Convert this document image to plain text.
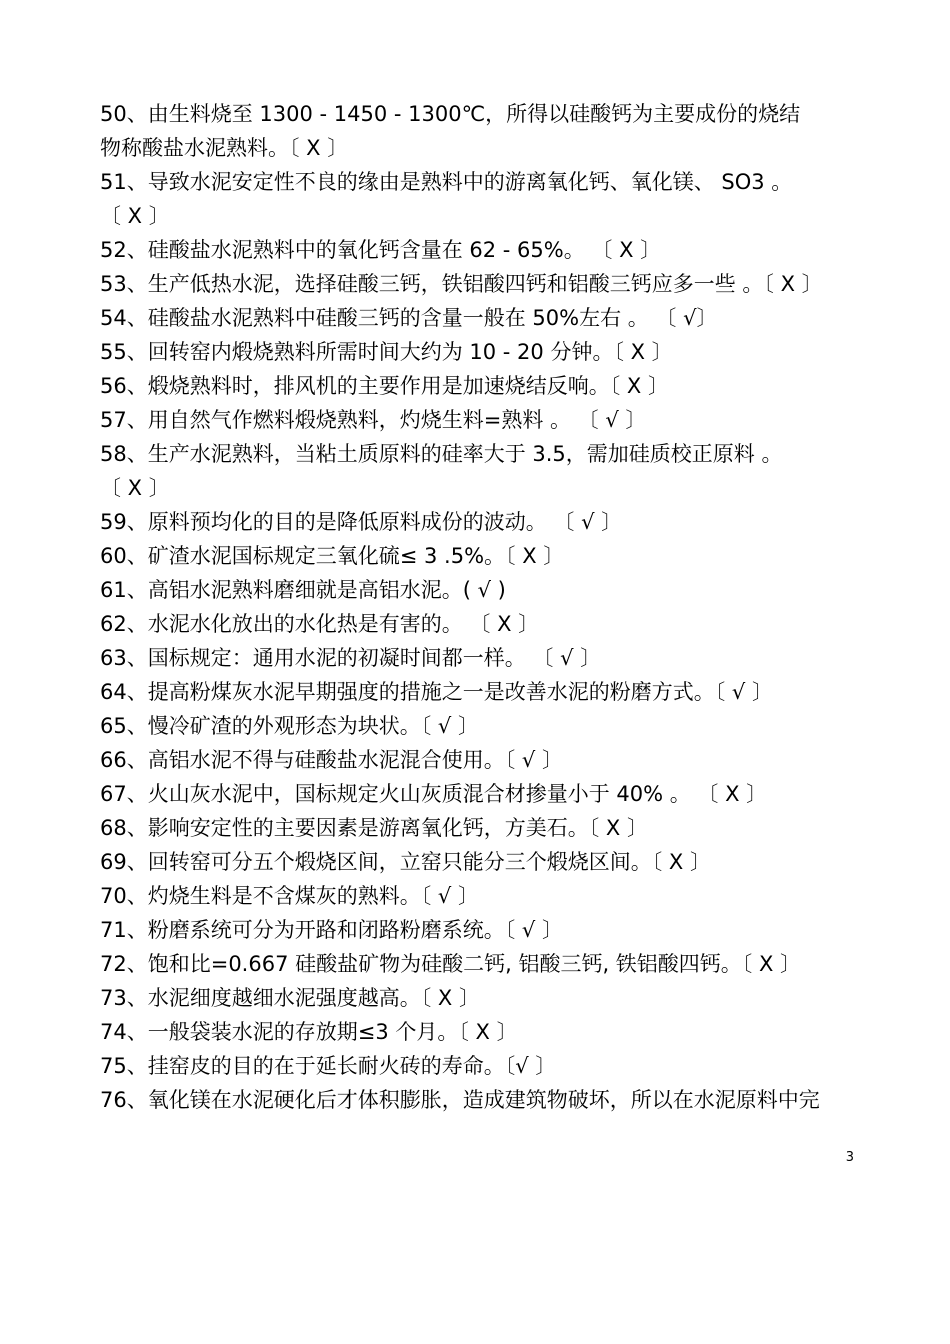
50、由生料烧至 1300 - 1450 - 1300℃，所得以硅酸钙为主要成份的烧结
物称酸盐水泥熟料。〔 X 〕
51、导致水泥安定性不良的缘由是熟料中的游离氧化钙、氧化镁、 SO3 。
〔 X 〕
52、硅酸盐水泥熟料中的氧化钙含量在 62 - 65%。 〔 X 〕
53、生产低热水泥，选择硅酸三钙，铁铝酸四钙和铝酸三钙应多一些 。〔 X 〕
54、硅酸盐水泥熟料中硅酸三钙的含量一般在 50%左右 。 〔 √〕
55、回转窑内煅烧熟料所需时间大约为 10 - 20 分钟。〔 X 〕
56、煅烧熟料时，排风机的主要作用是加速烧结反响。〔 X 〕
57、用自然气作燃料煅烧熟料，灼烧生料=熟料 。 〔 √ 〕
58、生产水泥熟料，当粘土质原料的硅率大于 3.5，需加硅质校正原料 。
〔 X 〕
59、原料预均化的目的是降低原料成份的波动。 〔 √ 〕
60、矿渣水泥国标规定三氧化硫≤ 3 .5%。〔 X 〕
61、高铝水泥熟料磨细就是高铝水泥。( √ )
62、水泥水化放出的水化热是有害的。 〔 X 〕
63、国标规定：通用水泥的初凝时间都一样。 〔 √ 〕
64、提高粉煤灰水泥早期强度的措施之一是改善水泥的粉磨方式。〔 √ 〕
65、慢冷矿渣的外观形态为块状。〔 √ 〕
66、高铝水泥不得与硅酸盐水泥混合使用。〔 √ 〕
67、火山灰水泥中，国标规定火山灰质混合材掺量小于 40% 。 〔 X 〕
68、影响安定性的主要因素是游离氧化钙，方美石。〔 X 〕
69、回转窑可分五个煅烧区间，立窑只能分三个煅烧区间。〔 X 〕
70、灼烧生料是不含煤灰的熟料。〔 √ 〕
71、粉磨系统可分为开路和闭路粉磨系统。〔 √ 〕
72、饱和比=0.667 硅酸盐矿物为硅酸二钙, 铝酸三钙, 铁铝酸四钙。〔 X 〕
73、水泥细度越细水泥强度越高。〔 X 〕
74、一般袋装水泥的存放期≤3 个月。〔 X 〕
75、挂窑皮的目的在于延长耐火砖的寿命。〔√ 〕
76、氧化镁在水泥硬化后才体积膨胀，造成建筑物破坏，所以在水泥原料中完
3
